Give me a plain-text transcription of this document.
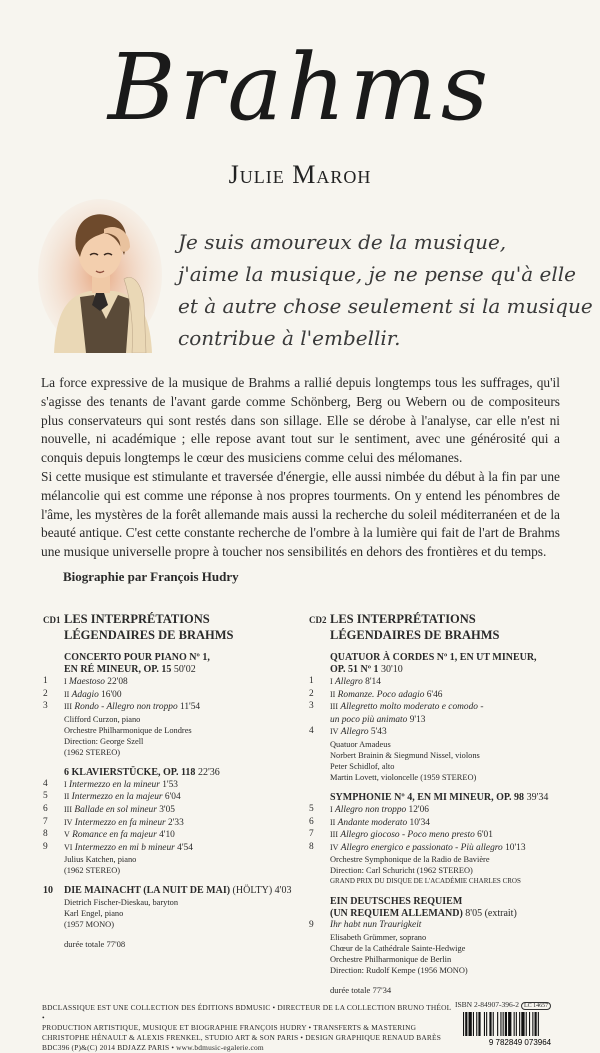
Brahms
Julie Maroh
Je suis amoureux de la musique,
j'aime la musique, je ne pense qu'à elle
et à autre chose seulement si la musique
contribue à l'embellir.

La force expressive de la musique de Brahms a rallié depuis longtemps tous les suffrages, qu'il s'agisse des tenants de l'avant garde comme Schönberg, Berg ou Webern ou de compositeurs plus conservateurs qui sont restés dans son sillage. Elle se dérobe à l'analyse, car elle n'est ni nouvelle, ni académique ; elle repose avant tout sur le sentiment, avec une générosité qui a conquis depuis longtemps le cœur des musiciens comme celui des mélomanes.

Si cette musique est stimulante et traversée d'énergie, elle aussi nimbée du début à la fin par une mélancolie qui est comme une réponse à nos propres tourments. On y entend les pénombres de l'âme, les mystères de la forêt allemande mais aussi la recherche du soleil méditerranéen et de la beauté antique. C'est cette constante recherche de l'ombre à la lumière qui fait de l'art de Brahms une musique universelle propre à toucher nos sensibilités en dehors des frontières et du temps.

Biographie par François Hudry
CD1 LES INTERPRÉTATIONS
LÉGENDAIRES DE BRAHMS
CONCERTO POUR PIANO Nº 1,
EN RÉ MINEUR, OP. 15 50'02
1	I Maestoso 22'08
2	II Adagio 16'00
3	III Rondo - Allegro non troppo 11'54
Clifford Curzon, piano
Orchestre Philharmonique de Londres
Direction: George Szell
(1962 STEREO)
6 KLAVIERSTÜCKE, OP. 118 22'36
4	I Intermezzo en la mineur 1'53
5	II Intermezzo en la majeur 6'04
6	III Ballade en sol mineur 3'05
7	IV Intermezzo en fa mineur 2'33
8	V Romance en fa majeur 4'10
9	VI Intermezzo en mi b mineur 4'54
Julius Katchen, piano
(1962 STEREO)
10	DIE MAINACHT (LA NUIT DE MAI) (HÖLTY) 4'03
Dietrich Fischer-Dieskau, baryton
Karl Engel, piano
(1957 MONO)
durée totale 77'08
CD2 LES INTERPRÉTATIONS
LÉGENDAIRES DE BRAHMS
QUATUOR À CORDES Nº 1, EN UT MINEUR,
OP. 51 Nº 1 30'10
1	I Allegro 8'14
2	II Romanze. Poco adagio 6'46
3	III Allegretto molto moderato e comodo -
un poco più animato 9'13
4	IV Allegro 5'43
Quatuor Amadeus
Norbert Brainin & Siegmund Nissel, violons
Peter Schidlof, alto
Martin Lovett, violoncelle (1959 STEREO)
SYMPHONIE Nº 4, EN MI MINEUR, OP. 98 39'34
5	I Allegro non troppo 12'06
6	II Andante moderato 10'34
7	III Allegro giocoso - Poco meno presto 6'01
8	IV Allegro energico e passionato - Più allegro 10'13
Orchestre Symphonique de la Radio de Bavière
Direction: Carl Schuricht (1962 STEREO)
GRAND PRIX DU DISQUE DE L'ACADÉMIE CHARLES CROS
EIN DEUTSCHES REQUIEM
(UN REQUIEM ALLEMAND) 8'05 (extrait)
9	Ihr habt nun Traurigkeit
Elisabeth Grümmer, soprano
Chœur de la Cathédrale Sainte-Hedwige
Orchestre Philharmonique de Berlin
Direction: Rudolf Kempe (1956 MONO)
durée totale 77'34
BDCLASSIQUE EST UNE COLLECTION DES ÉDITIONS BDMUSIC • DIRECTEUR DE LA COLLECTION BRUNO THÉOL •
PRODUCTION ARTISTIQUE, MUSIQUE ET BIOGRAPHIE FRANÇOIS HUDRY • TRANSFERTS & MASTERING
CHRISTOPHE HÉNAULT & ALEXIS FRENKEL, STUDIO ART & SON PARIS • DESIGN GRAPHIQUE RENAUD BARÈS
BDC396 (P)&(C) 2014 BDJAZZ PARIS • www.bdmusic-egalerie.com
ISBN 2-84907-396-2 LC 14657
9 782849 073964
